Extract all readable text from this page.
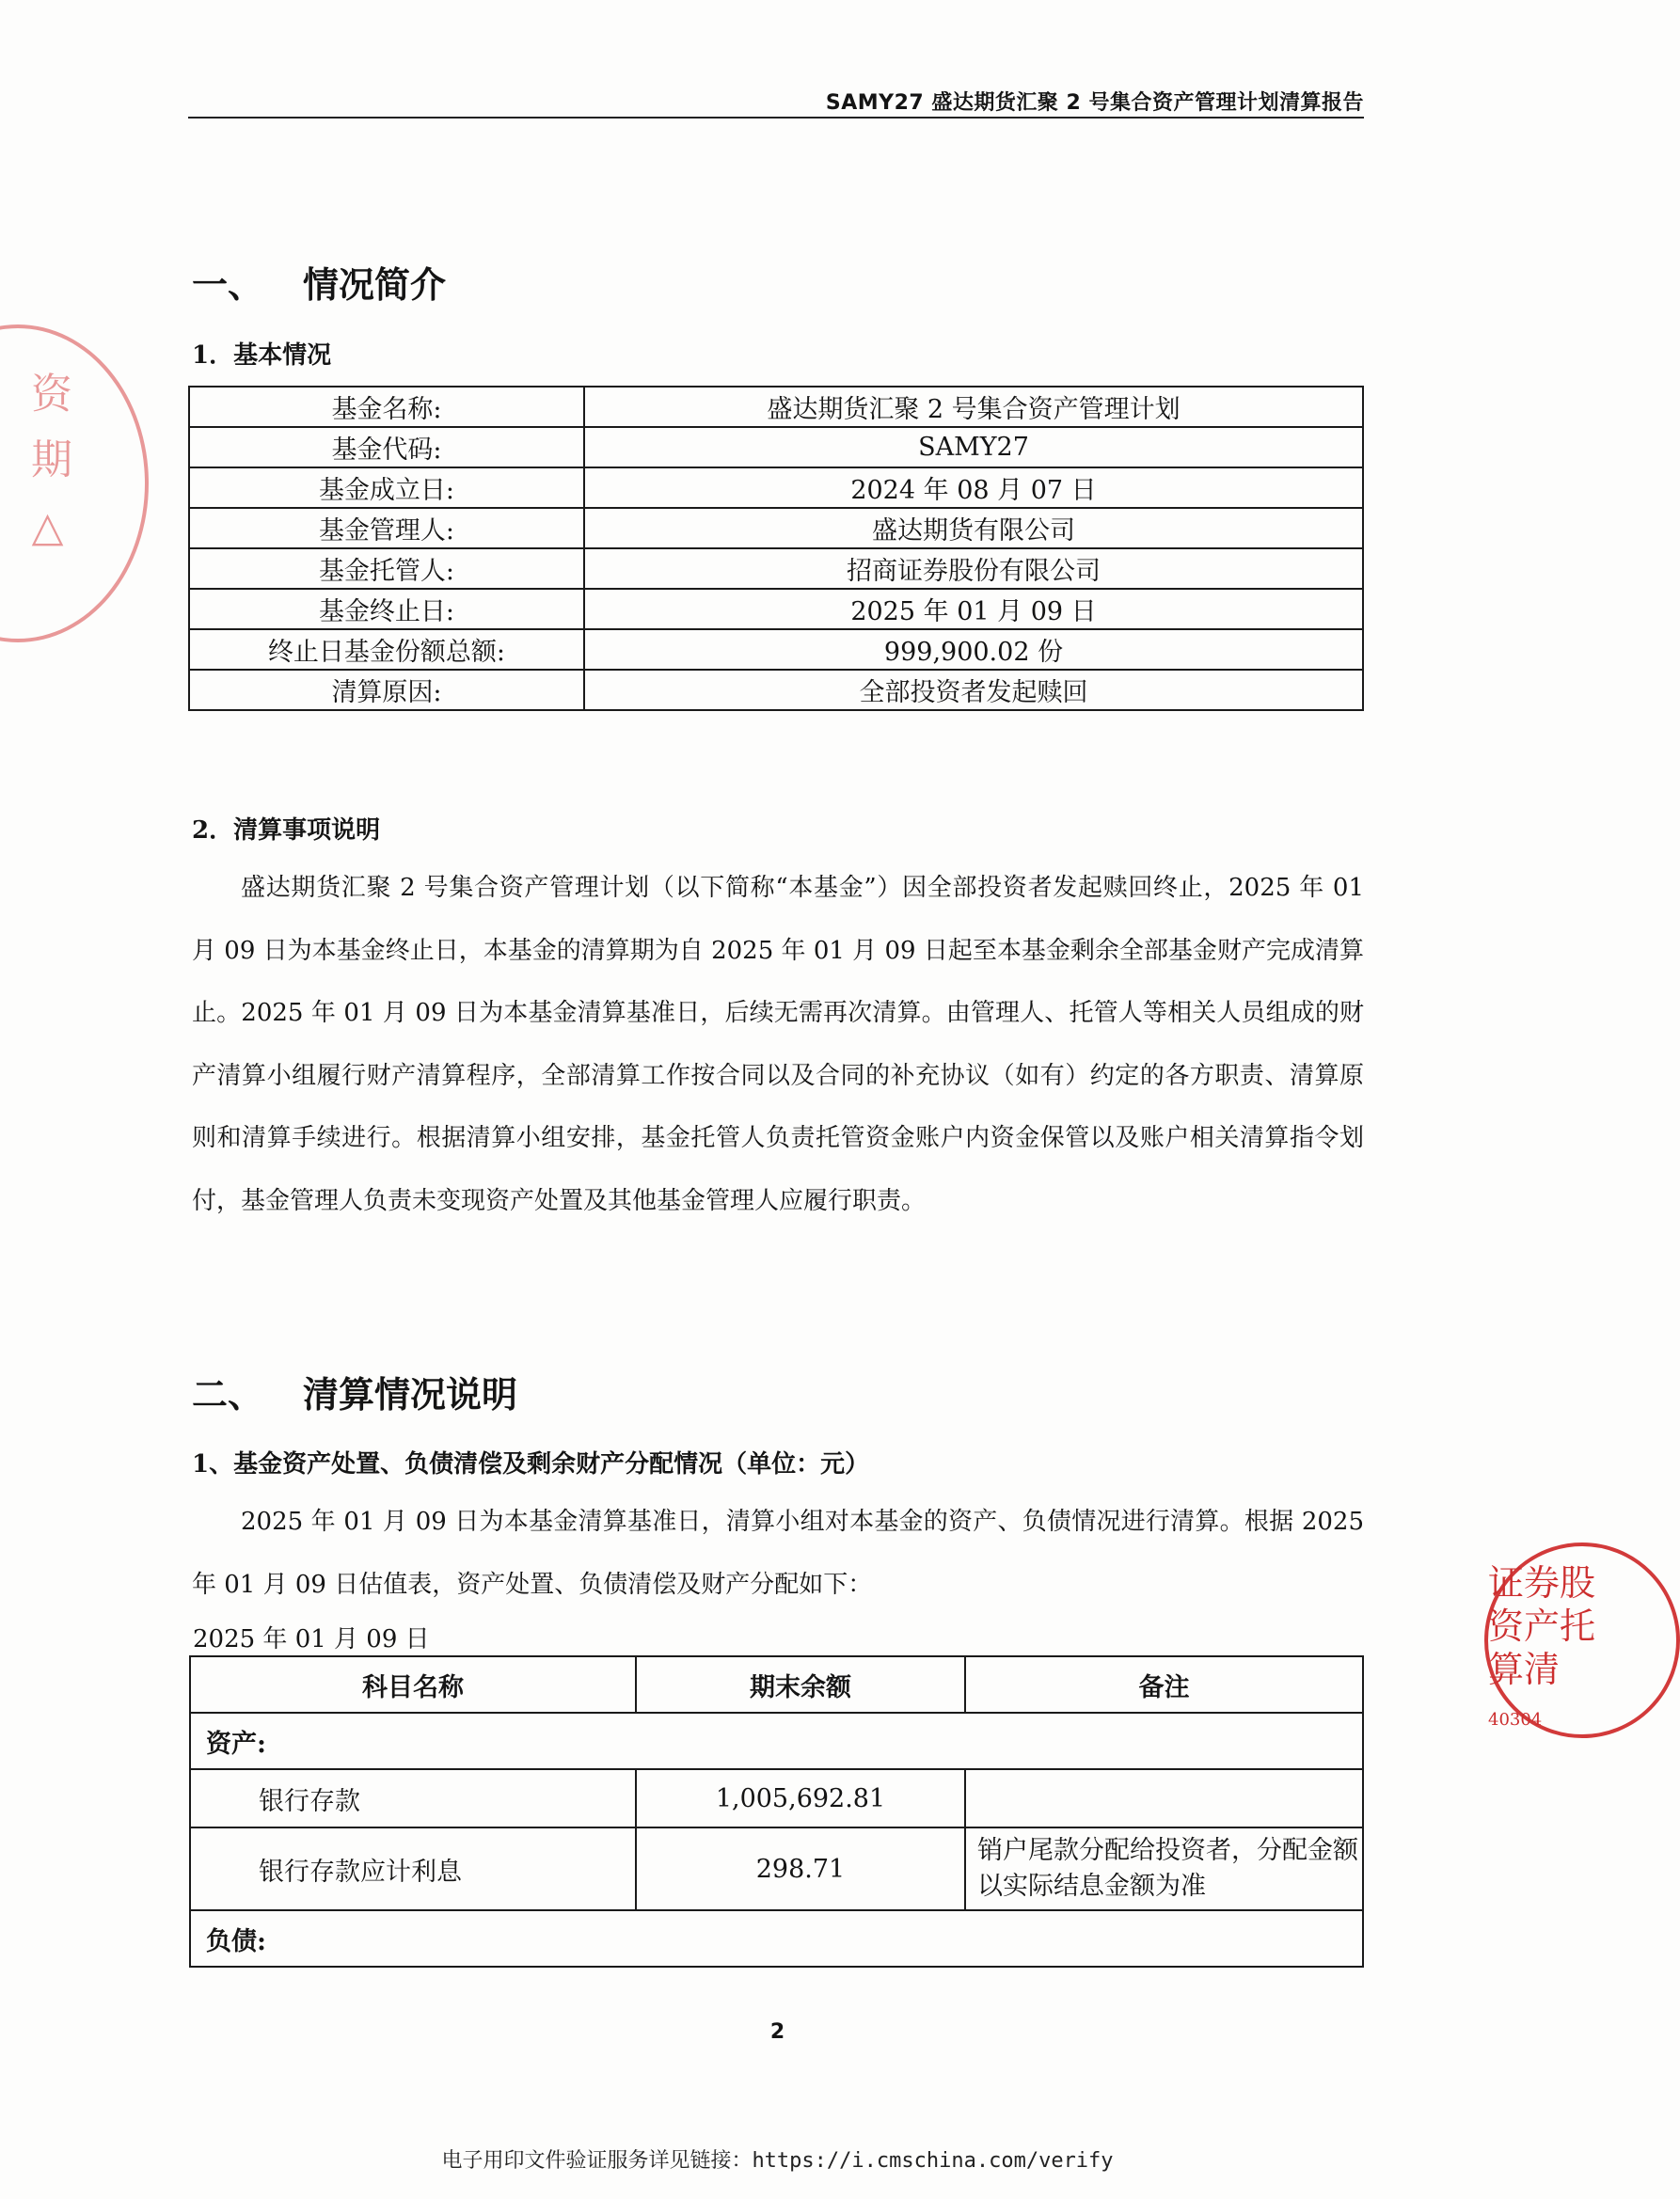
资 期 △
证券股
资产托
算清
40304
SAMY27 盛达期货汇聚 2 号集合资产管理计划清算报告
一、 情况简介
1．基本情况
基金名称:	盛达期货汇聚 2 号集合资产管理计划
基金代码:	SAMY27
基金成立日:	2024 年 08 月 07 日
基金管理人:	盛达期货有限公司
基金托管人:	招商证券股份有限公司
基金终止日:	2025 年 01 月 09 日
终止日基金份额总额:	999,900.02 份
清算原因:	全部投资者发起赎回
2．清算事项说明
盛达期货汇聚 2 号集合资产管理计划（以下简称“本基金”）因全部投资者发起赎回终止，2025 年 01 月 09 日为本基金终止日，本基金的清算期为自 2025 年 01 月 09 日起至本基金剩余全部基金财产完成清算止。2025 年 01 月 09 日为本基金清算基准日，后续无需再次清算。由管理人、托管人等相关人员组成的财产清算小组履行财产清算程序，全部清算工作按合同以及合同的补充协议（如有）约定的各方职责、清算原则和清算手续进行。根据清算小组安排，基金托管人负责托管资金账户内资金保管以及账户相关清算指令划付，基金管理人负责未变现资产处置及其他基金管理人应履行职责。
二、 清算情况说明
1、基金资产处置、负债清偿及剩余财产分配情况（单位：元）
2025 年 01 月 09 日为本基金清算基准日，清算小组对本基金的资产、负债情况进行清算。根据 2025 年 01 月 09 日估值表，资产处置、负债清偿及财产分配如下：
2025 年 01 月 09 日
科目名称	期末余额	备注
资产:		
银行存款	1,005,692.81	
银行存款应计利息	298.71	销户尾款分配给投资者，分配金额以实际结息金额为准
负债:		
2
电子用印文件验证服务详见链接：https://i.cmschina.com/verify
